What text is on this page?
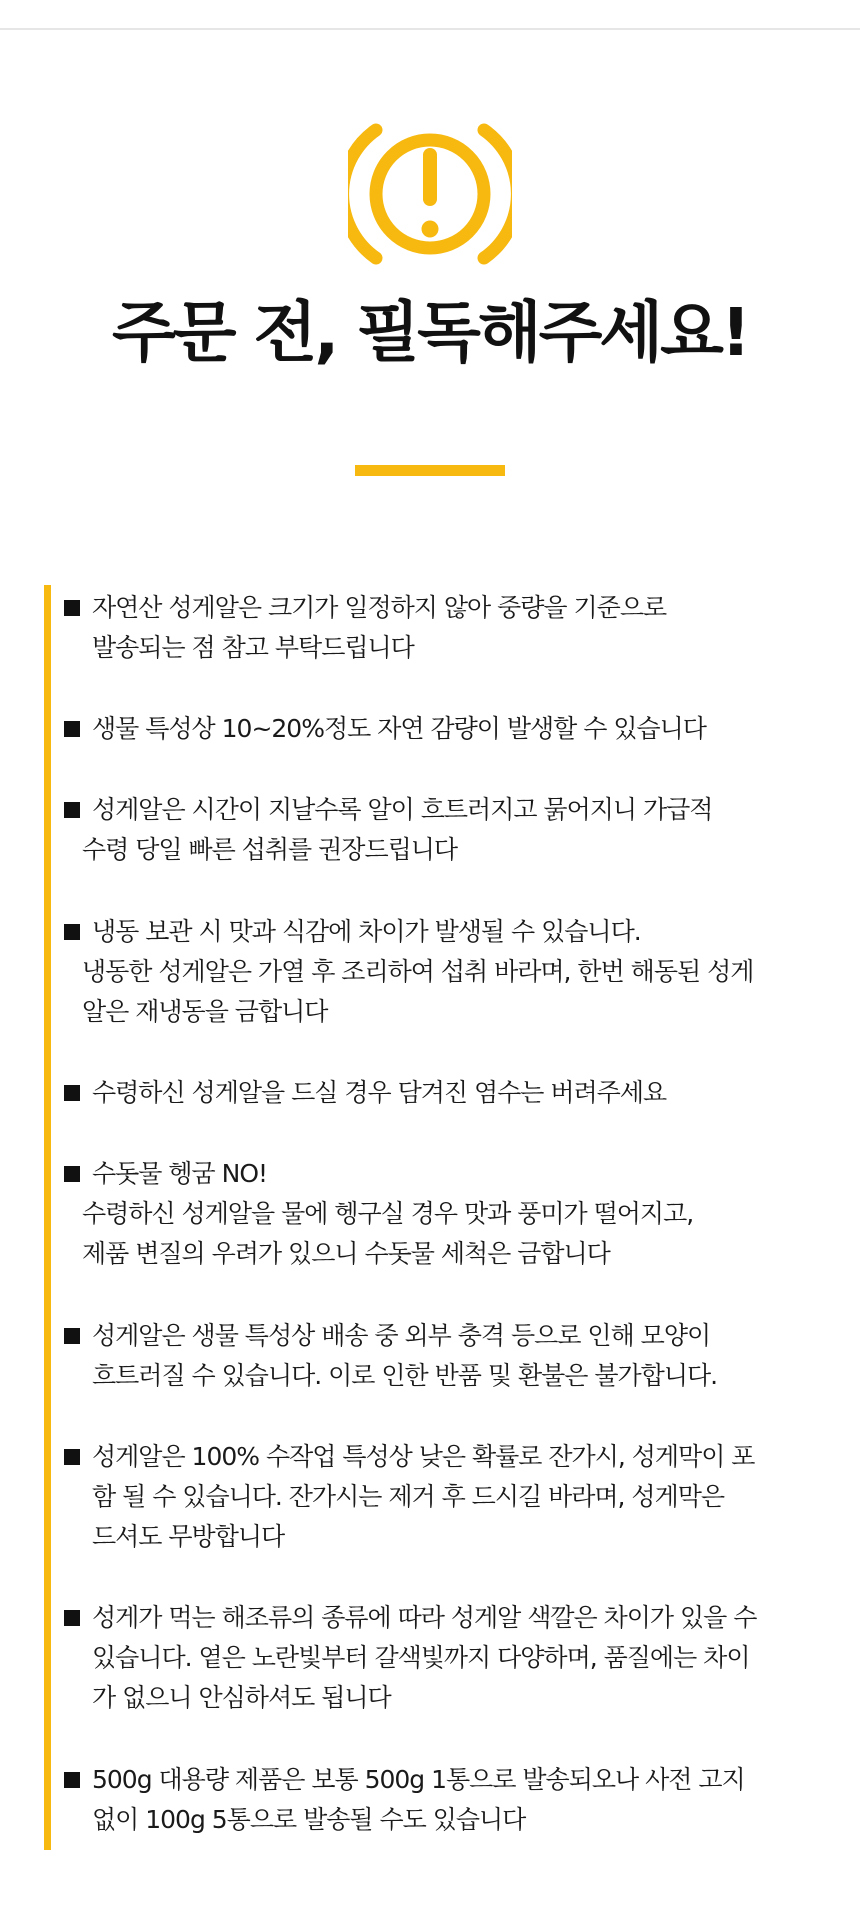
주문 전, 필독해주세요!
자연산 성게알은 크기가 일정하지 않아 중량을 기준으로
발송되는 점 참고 부탁드립니다
생물 특성상 10~20%정도 자연 감량이 발생할 수 있습니다
성게알은 시간이 지날수록 알이 흐트러지고 묽어지니 가급적
수령 당일 빠른 섭취를 권장드립니다
냉동 보관 시 맛과 식감에 차이가 발생될 수 있습니다.
냉동한 성게알은 가열 후 조리하여 섭취 바라며, 한번 해동된 성게
알은 재냉동을 금합니다
수령하신 성게알을 드실 경우 담겨진 염수는 버려주세요
수돗물 헹굼 NO!
수령하신 성게알을 물에 헹구실 경우 맛과 풍미가 떨어지고,
제품 변질의 우려가 있으니 수돗물 세척은 금합니다
성게알은 생물 특성상 배송 중 외부 충격 등으로 인해 모양이
흐트러질 수 있습니다. 이로 인한 반품 및 환불은 불가합니다.
성게알은 100% 수작업 특성상 낮은 확률로 잔가시, 성게막이 포
함 될 수 있습니다. 잔가시는 제거 후 드시길 바라며, 성게막은
드셔도 무방합니다
성게가 먹는 해조류의 종류에 따라 성게알 색깔은 차이가 있을 수
있습니다. 옅은 노란빛부터 갈색빛까지 다양하며, 품질에는 차이
가 없으니 안심하셔도 됩니다
500g 대용량 제품은 보통 500g 1통으로 발송되오나 사전 고지
없이 100g 5통으로 발송될 수도 있습니다
